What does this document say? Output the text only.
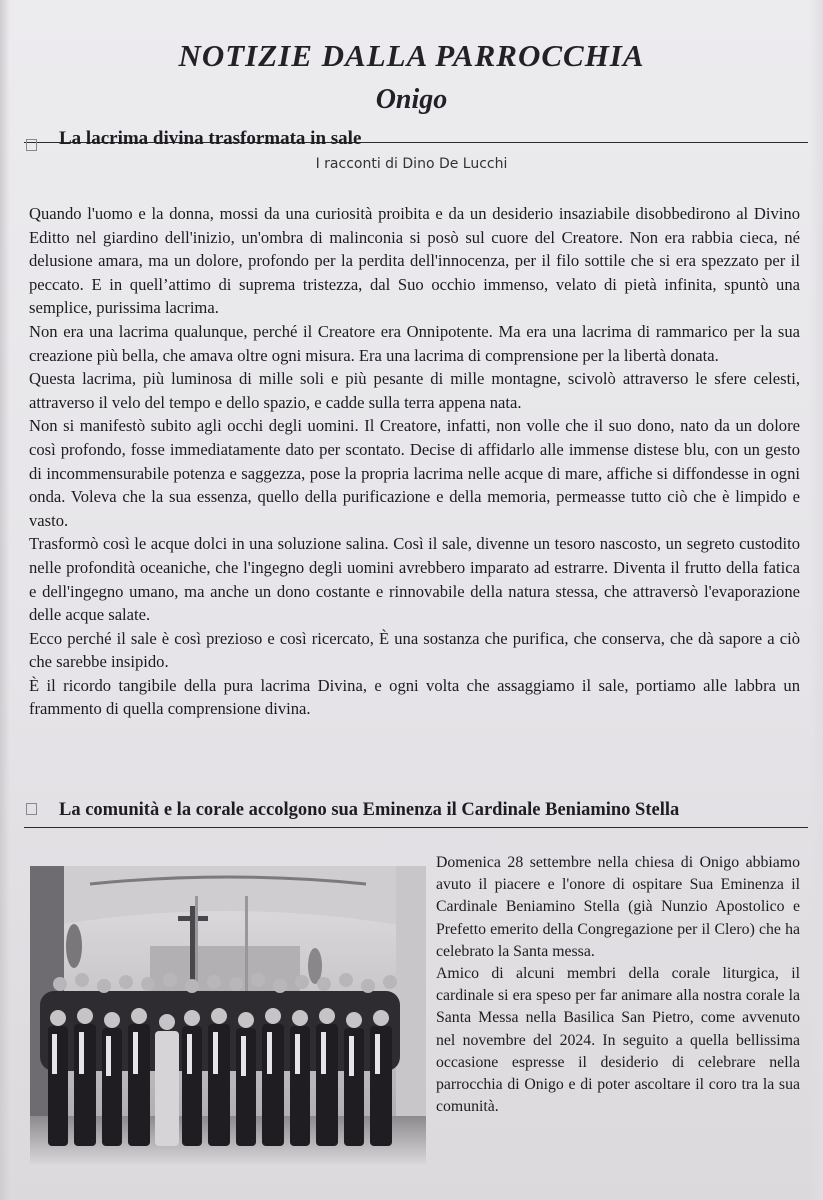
NOTIZIE DALLA PARROCCHIA
Onigo
La lacrima divina trasformata in sale
I racconti di Dino De Lucchi

Quando l'uomo e la donna, mossi da una curiosità proibita e da un desiderio insaziabile disobbedirono al Divino Editto nel giardino dell'inizio, un'ombra di malinconia si posò sul cuore del Creatore. Non era rabbia cieca, né delusione amara, ma un dolore, profondo per la perdita dell'innocenza, per il filo sottile che si era spezzato per il peccato. E in quell’attimo di suprema tristezza, dal Suo occhio immenso, velato di pietà infinita, spuntò una semplice, purissima lacrima.

Non era una lacrima qualunque, perché il Creatore era Onnipotente. Ma era una lacrima di rammarico per la sua creazione più bella, che amava oltre ogni misura. Era una lacrima di comprensione per la libertà donata.

Questa lacrima, più luminosa di mille soli e più pesante di mille montagne, scivolò attraverso le sfere celesti, attraverso il velo del tempo e dello spazio, e cadde sulla terra appena nata.

Non si manifestò subito agli occhi degli uomini. Il Creatore, infatti, non volle che il suo dono, nato da un dolore così profondo, fosse immediatamente dato per scontato. Decise di affidarlo alle immense distese blu, con un gesto di incommensurabile potenza e saggezza, pose la propria lacrima nelle acque di mare, affiche si diffondesse in ogni onda. Voleva che la sua essenza, quello della purificazione e della memoria, permeasse tutto ciò che è limpido e vasto.

Trasformò così le acque dolci in una soluzione salina. Così il sale, divenne un tesoro nascosto, un segreto custodito nelle profondità oceaniche, che l'ingegno degli uomini avrebbero imparato ad estrarre. Diventa il frutto della fatica e dell'ingegno umano, ma anche un dono costante e rinnovabile della natura stessa, che attraversò l'evaporazione delle acque salate.

Ecco perché il sale è così prezioso e così ricercato, È una sostanza che purifica, che conserva, che dà sapore a ciò che sarebbe insipido.

È il ricordo tangibile della pura lacrima Divina, e ogni volta che assaggiamo il sale, portiamo alle labbra un frammento di quella comprensione divina.

La comunità e la corale accolgono sua Eminenza il Cardinale Beniamino Stella

Domenica 28 settembre nella chiesa di Onigo abbiamo avuto il piacere e l'onore di ospitare Sua Eminenza il Cardinale Beniamino Stella (già Nunzio Apostolico e Prefetto emerito della Congregazione per il Clero) che ha celebrato la Santa messa.

Amico di alcuni membri della corale liturgica, il cardinale si era speso per far animare alla nostra corale la Santa Messa nella Basilica San Pietro, come avvenuto nel novembre del 2024. In seguito a quella bellissima occasione espresse il desiderio di celebrare nella parrocchia di Onigo e di poter ascoltare il coro tra la sua comunità.
